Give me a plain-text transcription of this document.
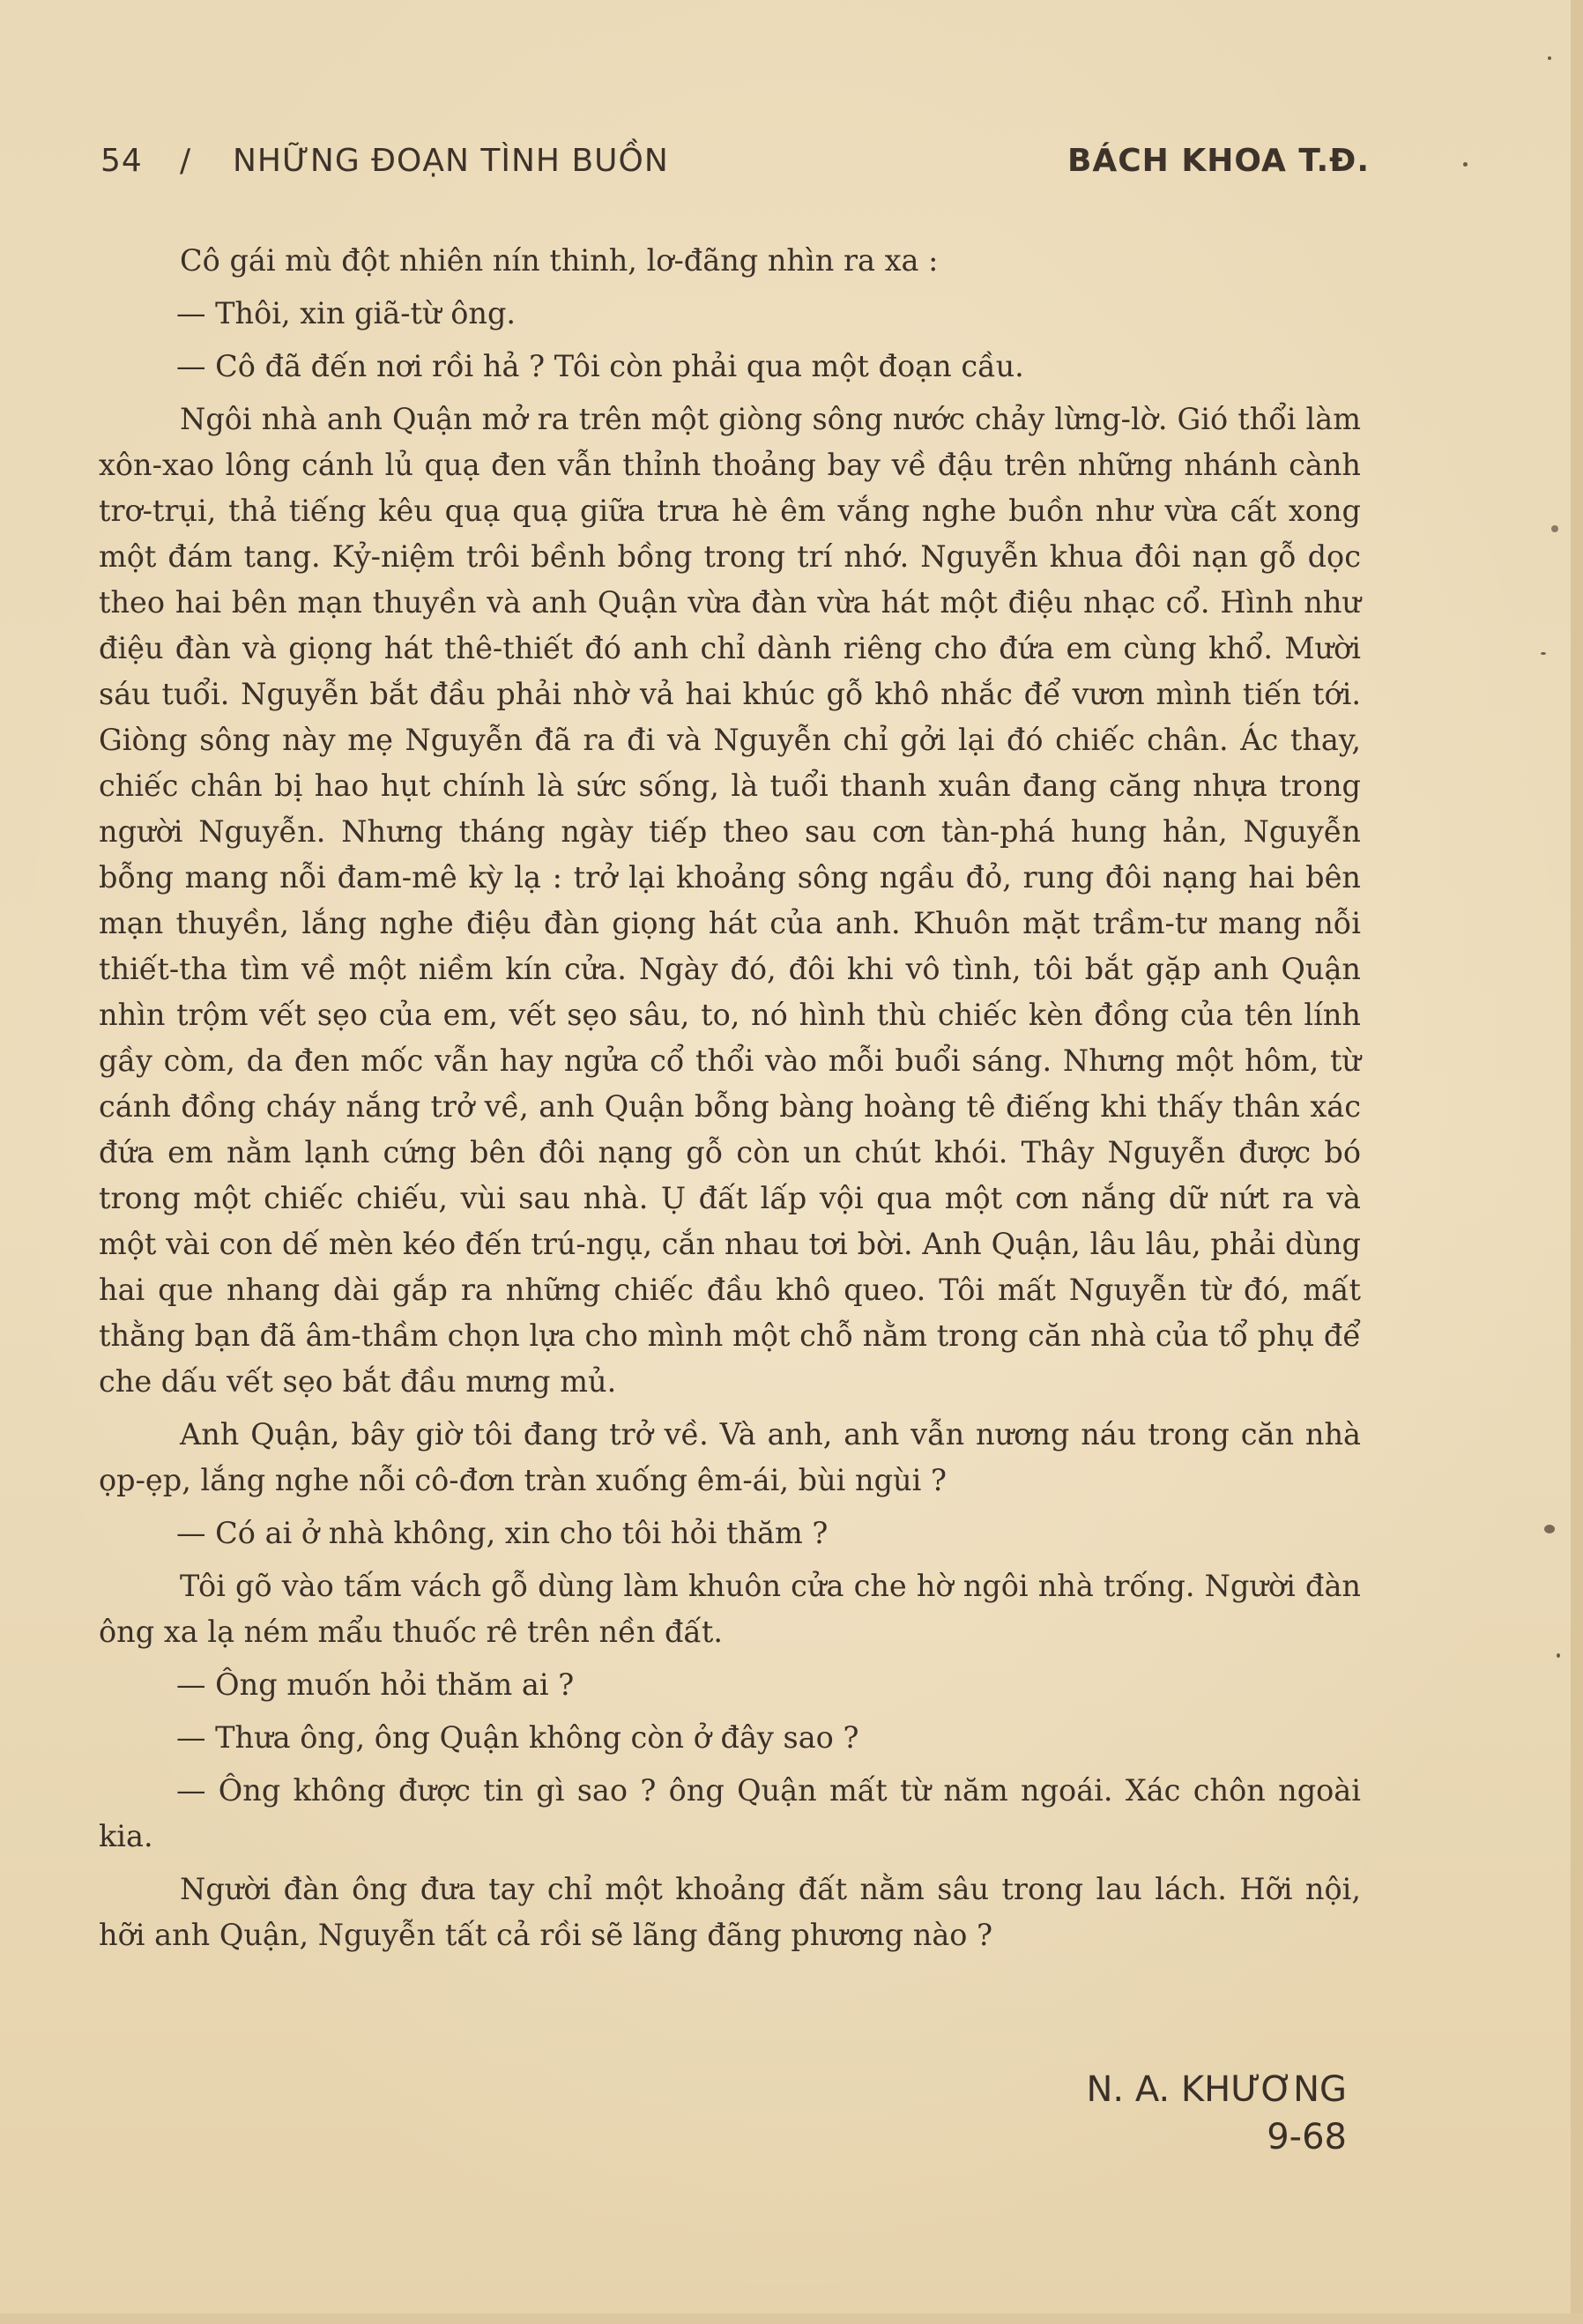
54 / NHỮNG ĐOẠN TÌNH BUỒN	BÁCH KHOA T.Đ.

Cô gái mù đột nhiên nín thinh, lơ-đãng nhìn ra xa :

— Thôi, xin giã-từ ông.

— Cô đã đến nơi rồi hả ? Tôi còn phải qua một đoạn cầu.

Ngôi nhà anh Quận mở ra trên một giòng sông nước chảy lừng-lờ. Gió thổi làm xôn-xao lông cánh lủ quạ đen vẫn thỉnh thoảng bay về đậu trên những nhánh cành trơ-trụi, thả tiếng kêu quạ quạ giữa trưa hè êm vắng nghe buồn như vừa cất xong một đám tang. Kỷ-niệm trôi bềnh bồng trong trí nhớ. Nguyễn khua đôi nạn gỗ dọc theo hai bên mạn thuyền và anh Quận vừa đàn vừa hát một điệu nhạc cổ. Hình như điệu đàn và giọng hát thê-thiết đó anh chỉ dành riêng cho đứa em cùng khổ. Mười sáu tuổi. Nguyễn bắt đầu phải nhờ vả hai khúc gỗ khô nhắc để vươn mình tiến tới. Giòng sông này mẹ Nguyễn đã ra đi và Nguyễn chỉ gởi lại đó chiếc chân. Ác thay, chiếc chân bị hao hụt chính là sức sống, là tuổi thanh xuân đang căng nhựa trong người Nguyễn. Nhưng tháng ngày tiếp theo sau cơn tàn-phá hung hản, Nguyễn bỗng mang nỗi đam-mê kỳ lạ : trở lại khoảng sông ngầu đỏ, rung đôi nạng hai bên mạn thuyền, lắng nghe điệu đàn giọng hát của anh. Khuôn mặt trầm-tư mang nỗi thiết-tha tìm về một niềm kín cửa. Ngày đó, đôi khi vô tình, tôi bắt gặp anh Quận nhìn trộm vết sẹo của em, vết sẹo sâu, to, nó hình thù chiếc kèn đồng của tên lính gầy còm, da đen mốc vẫn hay ngửa cổ thổi vào mỗi buổi sáng. Nhưng một hôm, từ cánh đồng cháy nắng trở về, anh Quận bỗng bàng hoàng tê điếng khi thấy thân xác đứa em nằm lạnh cứng bên đôi nạng gỗ còn un chút khói. Thây Nguyễn được bó trong một chiếc chiếu, vùi sau nhà. Ụ đất lấp vội qua một cơn nắng dữ nứt ra và một vài con dế mèn kéo đến trú-ngụ, cắn nhau tơi bời. Anh Quận, lâu lâu, phải dùng hai que nhang dài gắp ra những chiếc đầu khô queo. Tôi mất Nguyễn từ đó, mất thằng bạn đã âm-thầm chọn lựa cho mình một chỗ nằm trong căn nhà của tổ phụ để che dấu vết sẹo bắt đầu mưng mủ.

Anh Quận, bây giờ tôi đang trở về. Và anh, anh vẫn nương náu trong căn nhà ọp-ẹp, lắng nghe nỗi cô-đơn tràn xuống êm-ái, bùi ngùi ?

— Có ai ở nhà không, xin cho tôi hỏi thăm ?

Tôi gõ vào tấm vách gỗ dùng làm khuôn cửa che hờ ngôi nhà trống. Người đàn ông xa lạ ném mẩu thuốc rê trên nền đất.

— Ông muốn hỏi thăm ai ?

— Thưa ông, ông Quận không còn ở đây sao ?

— Ông không được tin gì sao ? ông Quận mất từ năm ngoái. Xác chôn ngoài kia.

Người đàn ông đưa tay chỉ một khoảng đất nằm sâu trong lau lách. Hỡi nội, hỡi anh Quận, Nguyễn tất cả rồi sẽ lãng đãng phương nào ?

N. A. KHƯƠNG
9-68
